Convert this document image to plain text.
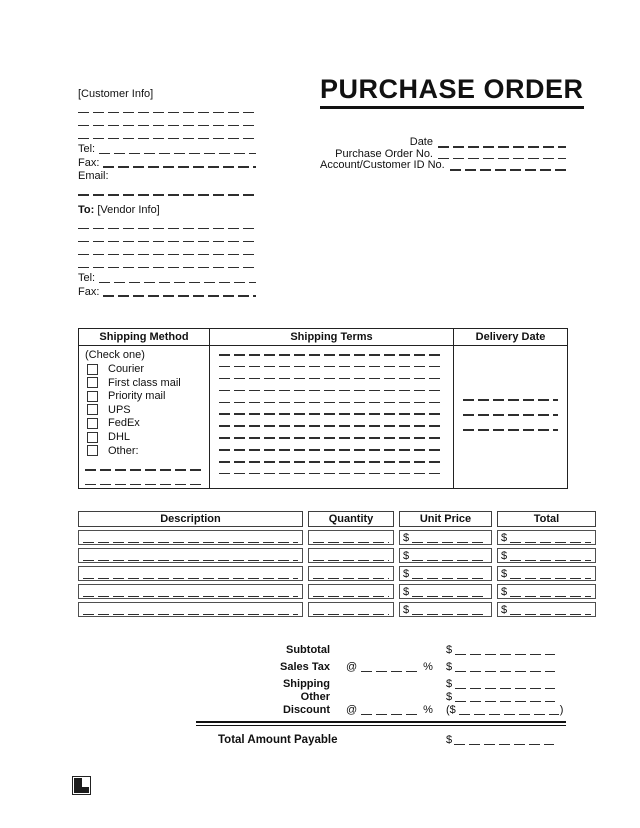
[Customer Info]
Tel:
Fax:
Email:
PURCHASE ORDER
Date
Purchase Order No.
Account/Customer ID No.
To: [Vendor Info]
Tel:
Fax:
Shipping Method	Shipping Terms	Delivery Date

(Check one)
Courier
First class mail
Priority mail
UPS
FedEx
DHL
Other:

Description	Quantity	Unit Price	Total

		$	$

		$	$

		$	$

		$	$

		$	$
Subtotal	$
Sales Tax @	% $
Shipping	$
Other	$
Discount @	% ($	)
Total Amount Payable	$
